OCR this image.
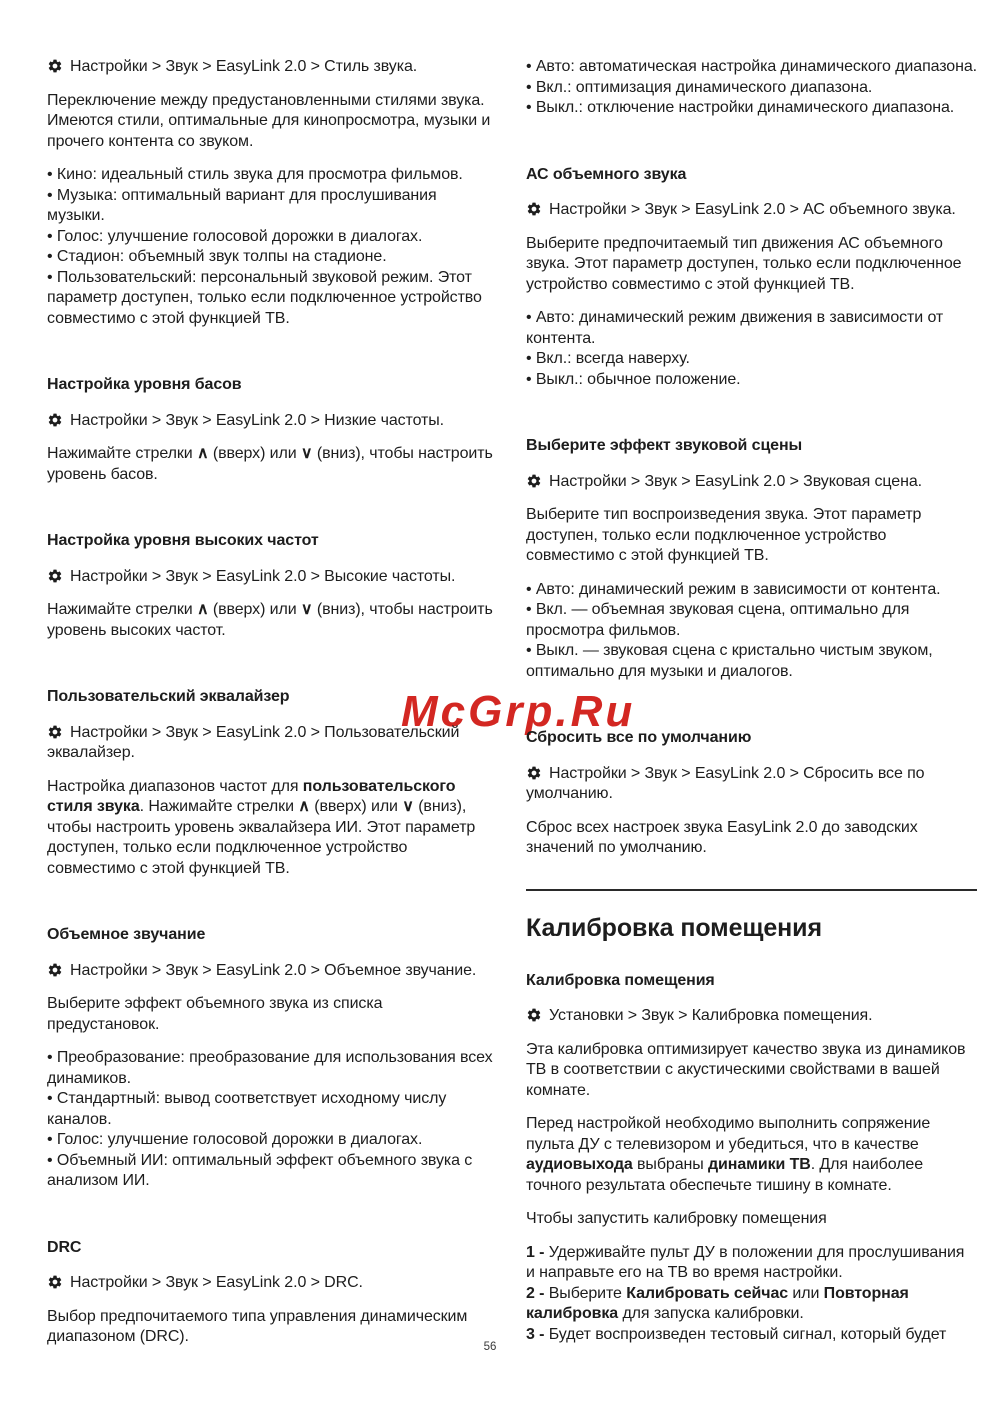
McGrp.Ru
Настройки > Звук > EasyLink 2.0 > Стиль звука.

Переключение между предустановленными стилями звука. Имеются стили, оптимальные для кинопросмотра, музыки и прочего контента со звуком.

• Кино: идеальный стиль звука для просмотра фильмов.
• Музыка: оптимальный вариант для прослушивания музыки.
• Голос: улучшение голосовой дорожки в диалогах.
• Стадион: объемный звук толпы на стадионе.
• Пользовательский: персональный звуковой режим. Этот параметр доступен, только если подключенное устройство совместимо с этой функцией ТВ.
Настройка уровня басов
Настройки > Звук > EasyLink 2.0 > Низкие частоты.

Нажимайте стрелки ∧ (вверх) или ∨ (вниз), чтобы настроить уровень басов.

Настройка уровня высоких частот
Настройки > Звук > EasyLink 2.0 > Высокие частоты.

Нажимайте стрелки ∧ (вверх) или ∨ (вниз), чтобы настроить уровень высоких частот.

Пользовательский эквалайзер
Настройки > Звук > EasyLink 2.0 > Пользовательский эквалайзер.

Настройка диапазонов частот для пользовательского стиля звука. Нажимайте стрелки ∧ (вверх) или ∨ (вниз), чтобы настроить уровень эквалайзера ИИ. Этот параметр доступен, только если подключенное устройство совместимо с этой функцией ТВ.

Объемное звучание
Настройки > Звук > EasyLink 2.0 > Объемное звучание.

Выберите эффект объемного звука из списка предустановок.

• Преобразование: преобразование для использования всех динамиков.
• Стандартный: вывод соответствует исходному числу каналов.
• Голос: улучшение голосовой дорожки в диалогах.
• Объемный ИИ: оптимальный эффект объемного звука с анализом ИИ.
DRC
Настройки > Звук > EasyLink 2.0 > DRC.

Выбор предпочитаемого типа управления динамическим диапазоном (DRC).

• Авто: автоматическая настройка динамического диапазона.
• Вкл.: оптимизация динамического диапазона.
• Выкл.: отключение настройки динамического диапазона.
АС объемного звука
Настройки > Звук > EasyLink 2.0 > АС объемного звука.

Выберите предпочитаемый тип движения АС объемного звука. Этот параметр доступен, только если подключенное устройство совместимо с этой функцией ТВ.

• Авто: динамический режим движения в зависимости от контента.
• Вкл.: всегда наверху.
• Выкл.: обычное положение.
Выберите эффект звуковой сцены
Настройки > Звук > EasyLink 2.0 > Звуковая сцена.

Выберите тип воспроизведения звука. Этот параметр доступен, только если подключенное устройство совместимо с этой функцией ТВ.

• Авто: динамический режим в зависимости от контента.
• Вкл. — объемная звуковая сцена, оптимально для просмотра фильмов.
• Выкл. — звуковая сцена с кристально чистым звуком, оптимально для музыки и диалогов.
Сбросить все по умолчанию
Настройки > Звук > EasyLink 2.0 > Сбросить все по умолчанию.

Сброс всех настроек звука EasyLink 2.0 до заводских значений по умолчанию.

Калибровка помещения
Калибровка помещения
Установки > Звук > Калибровка помещения.

Эта калибровка оптимизирует качество звука из динамиков ТВ в соответствии с акустическими свойствами в вашей комнате.

Перед настройкой необходимо выполнить сопряжение пульта ДУ с телевизором и убедиться, что в качестве аудиовыхода выбраны динамики ТВ. Для наиболее точного результата обеспечьте тишину в комнате.

Чтобы запустить калибровку помещения

1 - Удерживайте пульт ДУ в положении для прослушивания и направьте его на ТВ во время настройки.
2 - Выберите Калибровать сейчас или Повторная калибровка для запуска калибровки.
3 - Будет воспроизведен тестовый сигнал, который будет
56
